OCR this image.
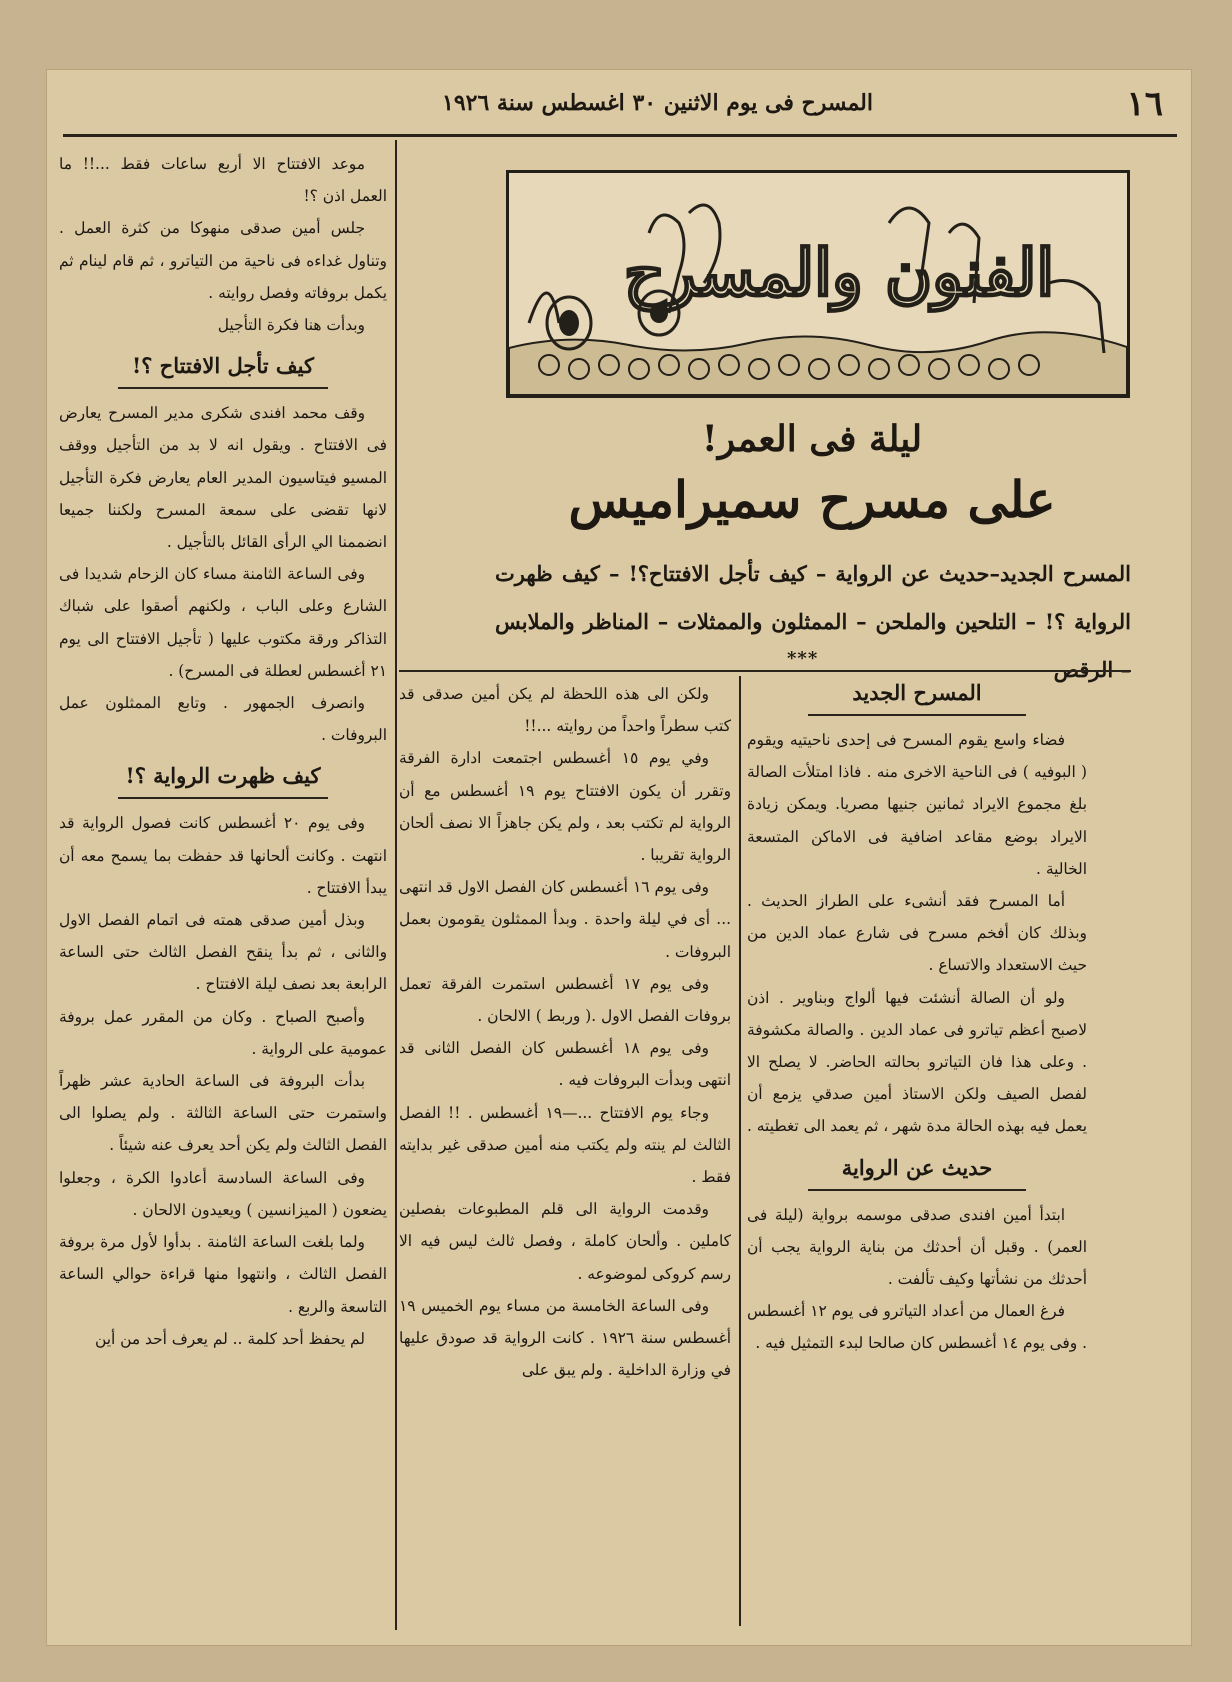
١٦
المسرح فى يوم الاثنين ٣٠ اغسطس سنة ١٩٢٦

موعد الافتتاح الا أربع ساعات فقط ...!! ما العمل اذن ؟!

جلس أمين صدقى منهوكا من كثرة العمل . وتناول غداءه فى ناحية من التياترو ، ثم قام لينام ثم يكمل بروفاته وفصل روايته .

وبدأت هنا فكرة التأجيل

كيف تأجل الافتتاح ؟!

وقف محمد افندى شكرى مدير المسرح يعارض فى الافتتاح . ويقول انه لا بد من التأجيل ووقف المسيو فيتاسيون المدير العام يعارض فكرة التأجيل لانها تقضى على سمعة المسرح ولكننا جميعا انضممنا الي الرأى القائل بالتأجيل .

وفى الساعة الثامنة مساء كان الزحام شديدا فى الشارع وعلى الباب ، ولكنهم أصقوا على شباك التذاكر ورقة مكتوب عليها ( تأجيل الافتتاح الى يوم ٢١ أغسطس لعطلة فى المسرح) .

وانصرف الجمهور . وتابع الممثلون عمل البروفات .

كيف ظهرت الرواية ؟!

وفى يوم ٢٠ أغسطس كانت فصول الرواية قد انتهت . وكانت ألحانها قد حفظت بما يسمح معه أن يبدأ الافتتاح .

وبذل أمين صدقى همته فى اتمام الفصل الاول والثانى ، ثم بدأ ينقح الفصل الثالث حتى الساعة الرابعة بعد نصف ليلة الافتتاح .

وأصبح الصباح . وكان من المقرر عمل بروفة عمومية على الرواية .

بدأت البروفة فى الساعة الحادية عشر ظهراً واستمرت حتى الساعة الثالثة . ولم يصلوا الى الفصل الثالث ولم يكن أحد يعرف عنه شيئاً .

وفى الساعة السادسة أعادوا الكرة ، وجعلوا يضعون ( الميزانسين ) ويعيدون الالحان .

ولما بلغت الساعة الثامنة . بدأوا لأول مرة بروفة الفصل الثالث ، وانتهوا منها قراءة حوالي الساعة التاسعة والربع .

لم يحفظ أحد كلمة .. لم يعرف أحد من أين

الفنون والمسرح
ليلة فى العمر!
على مسرح سميراميس
المسرح الجديد–حديث عن الرواية – كيف تأجل الافتتاح؟! – كيف ظهرت الرواية ؟! – التلحين والملحن – الممثلون والممثلات – المناظر والملابس – الرقص
***

ولكن الى هذه اللحظة لم يكن أمين صدقى قد كتب سطراً واحداً من روايته ...!!

وفي يوم ١٥ أغسطس اجتمعت ادارة الفرقة وتقرر أن يكون الافتتاح يوم ١٩ أغسطس مع أن الرواية لم تكتب بعد ، ولم يكن جاهزاً الا نصف ألحان الرواية تقريبا .

وفى يوم ١٦ أغسطس كان الفصل الاول قد انتهى ... أى في ليلة واحدة . وبدأ الممثلون يقومون بعمل البروفات .

وفى يوم ١٧ أغسطس استمرت الفرقة تعمل بروفات الفصل الاول .( وربط ) الالحان .

وفى يوم ١٨ أغسطس كان الفصل الثانى قد انتهى وبدأت البروفات فيه .

وجاء يوم الافتتاح ...—١٩ أغسطس . !! الفصل الثالث لم ينته ولم يكتب منه أمين صدقى غير بدايته فقط .

وقدمت الرواية الى قلم المطبوعات بفصلين كاملين . وألحان كاملة ، وفصل ثالث ليس فيه الا رسم كروكى لموضوعه .

وفى الساعة الخامسة من مساء يوم الخميس ١٩ أغسطس سنة ١٩٢٦ . كانت الرواية قد صودق عليها في وزارة الداخلية . ولم يبق على

المسرح الجديد

فضاء واسع يقوم المسرح فى إحدى ناحيتيه ويقوم ( البوفيه ) فى الناحية الاخرى منه . فاذا امتلأت الصالة بلغ مجموع الايراد ثمانين جنيها مصريا. ويمكن زيادة الايراد بوضع مقاعد اضافية فى الاماكن المتسعة الخالية .

أما المسرح فقد أنشىء على الطراز الحديث . وبذلك كان أفخم مسرح فى شارع عماد الدين من حيث الاستعداد والاتساع .

ولو أن الصالة أنشئت فيها ألواج وبناوير . اذن لاصبح أعظم تياترو فى عماد الدين . والصالة مكشوفة . وعلى هذا فان التياترو بحالته الحاضر. لا يصلح الا لفصل الصيف ولكن الاستاذ أمين صدقي يزمع أن يعمل فيه بهذه الحالة مدة شهر ، ثم يعمد الى تغطيته .

حديث عن الرواية

ابتدأ أمين افندى صدقى موسمه برواية (ليلة فى العمر) . وقبل أن أحدثك من بناية الرواية يجب أن أحدثك من نشأتها وكيف تألفت .

فرغ العمال من أعداد التياترو فى يوم ١٢ أغسطس . وفى يوم ١٤ أغسطس كان صالحا لبدء التمثيل فيه .
